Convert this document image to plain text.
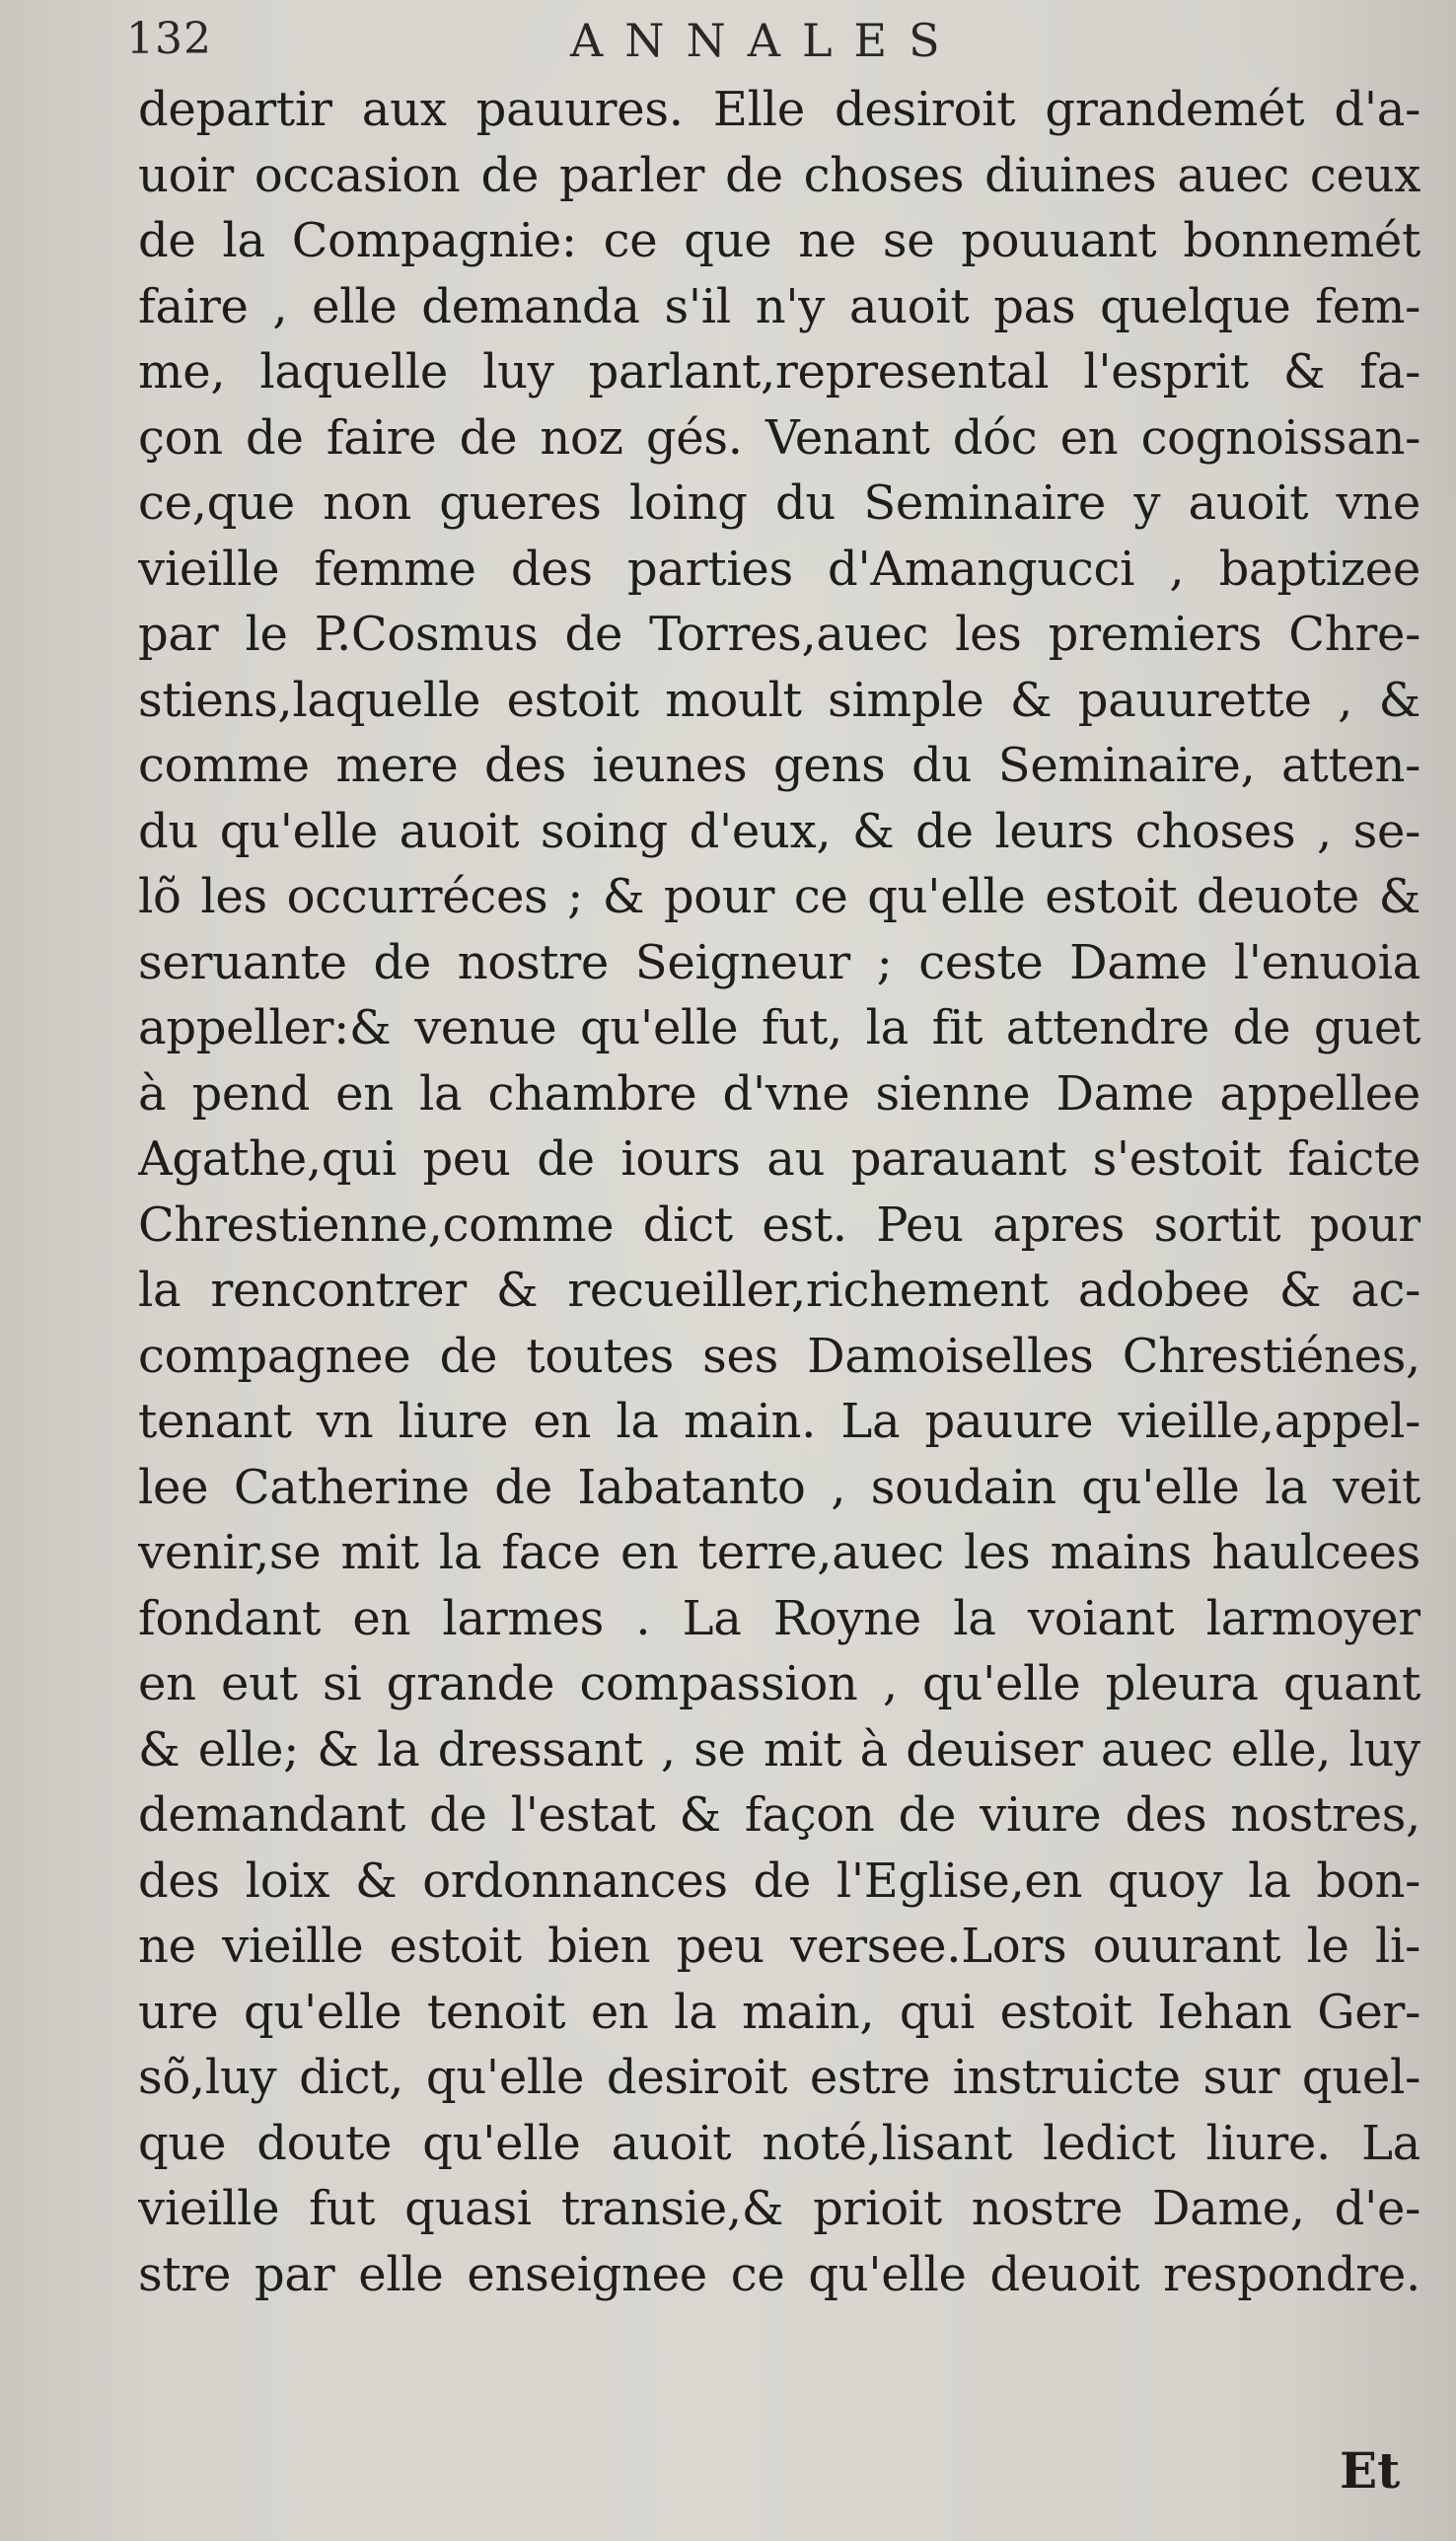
132	ANNALES
departir aux pauures. Elle desiroit grandemét d'a-
uoir occasion de parler de choses diuines auec ceux
de la Compagnie: ce que ne se pouuant bonnemét
faire , elle demanda s'il n'y auoit pas quelque fem-
me, laquelle luy parlant,represental l'esprit & fa-
çon de faire de noz gés. Venant dóc en cognoissan-
ce,que non gueres loing du Seminaire y auoit vne
vieille femme des parties d'Amangucci , baptizee
par le P.Cosmus de Torres,auec les premiers Chre-
stiens,laquelle estoit moult simple & pauurette , &
comme mere des ieunes gens du Seminaire, atten-
du qu'elle auoit soing d'eux, & de leurs choses , se-
lõ les occurréces ; & pour ce qu'elle estoit deuote &
seruante de nostre Seigneur ; ceste Dame l'enuoia
appeller:& venue qu'elle fut, la fit attendre de guet
à pend en la chambre d'vne sienne Dame appellee
Agathe,qui peu de iours au parauant s'estoit faicte
Chrestienne,comme dict est. Peu apres sortit pour
la rencontrer & recueiller,richement adobee & ac-
compagnee de toutes ses Damoiselles Chrestiénes,
tenant vn liure en la main. La pauure vieille,appel-
lee Catherine de Iabatanto , soudain qu'elle la veit
venir,se mit la face en terre,auec les mains haulcees
fondant en larmes . La Royne la voiant larmoyer
en eut si grande compassion , qu'elle pleura quant
& elle; & la dressant , se mit à deuiser auec elle, luy
demandant de l'estat & façon de viure des nostres,
des loix & ordonnances de l'Eglise,en quoy la bon-
ne vieille estoit bien peu versee.Lors ouurant le li-
ure qu'elle tenoit en la main, qui estoit Iehan Ger-
sõ,luy dict, qu'elle desiroit estre instruicte sur quel-
que doute qu'elle auoit noté,lisant ledict liure. La
vieille fut quasi transie,& prioit nostre Dame, d'e-
stre par elle enseignee ce qu'elle deuoit respondre.
Et
